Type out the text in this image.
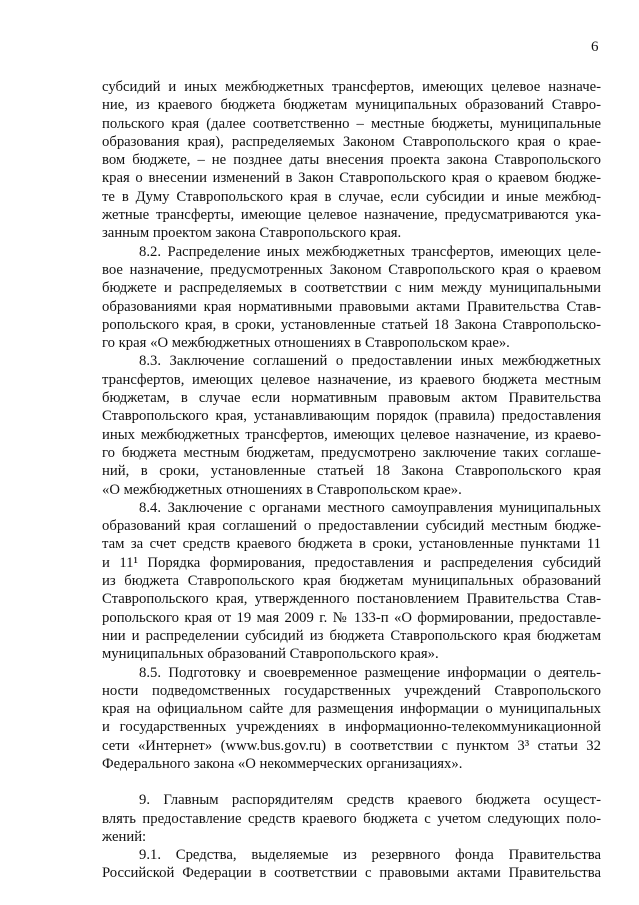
6
субсидий и иных межбюджетных трансфертов, имеющих целевое назначе-
ние, из краевого бюджета бюджетам муниципальных образований Ставро-
польского края (далее соответственно – местные бюджеты, муниципальные
образования края), распределяемых Законом Ставропольского края о крае-
вом бюджете, – не позднее даты внесения проекта закона Ставропольского
края о внесении изменений в Закон Ставропольского края о краевом бюдже-
те в Думу Ставропольского края в случае, если субсидии и иные межбюд-
жетные трансферты, имеющие целевое назначение, предусматриваются ука-
занным проектом закона Ставропольского края.
8.2. Распределение иных межбюджетных трансфертов, имеющих целе-
вое назначение, предусмотренных Законом Ставропольского края о краевом
бюджете и распределяемых в соответствии с ним между муниципальными
образованиями края нормативными правовыми актами Правительства Став-
ропольского края, в сроки, установленные статьей 18 Закона Ставропольско-
го края «О межбюджетных отношениях в Ставропольском крае».
8.3. Заключение соглашений о предоставлении иных межбюджетных
трансфертов, имеющих целевое назначение, из краевого бюджета местным
бюджетам, в случае если нормативным правовым актом Правительства
Ставропольского края, устанавливающим порядок (правила) предоставления
иных межбюджетных трансфертов, имеющих целевое назначение, из краево-
го бюджета местным бюджетам, предусмотрено заключение таких соглаше-
ний, в сроки, установленные статьей 18 Закона Ставропольского края
«О межбюджетных отношениях в Ставропольском крае».
8.4. Заключение с органами местного самоуправления муниципальных
образований края соглашений о предоставлении субсидий местным бюдже-
там за счет средств краевого бюджета в сроки, установленные пунктами 11
и 11¹ Порядка формирования, предоставления и распределения субсидий
из бюджета Ставропольского края бюджетам муниципальных образований
Ставропольского края, утвержденного постановлением Правительства Став-
ропольского края от 19 мая 2009 г. № 133-п «О формировании, предоставле-
нии и распределении субсидий из бюджета Ставропольского края бюджетам
муниципальных образований Ставропольского края».
8.5. Подготовку и своевременное размещение информации о деятель-
ности подведомственных государственных учреждений Ставропольского
края на официальном сайте для размещения информации о муниципальных
и государственных учреждениях в информационно-телекоммуникационной
сети «Интернет» (www.bus.gov.ru) в соответствии с пунктом 3³ статьи 32
Федерального закона «О некоммерческих организациях».
9. Главным распорядителям средств краевого бюджета осущест-
влять предоставление средств краевого бюджета с учетом следующих поло-
жений:
9.1. Средства, выделяемые из резервного фонда Правительства
Российской Федерации в соответствии с правовыми актами Правительства
